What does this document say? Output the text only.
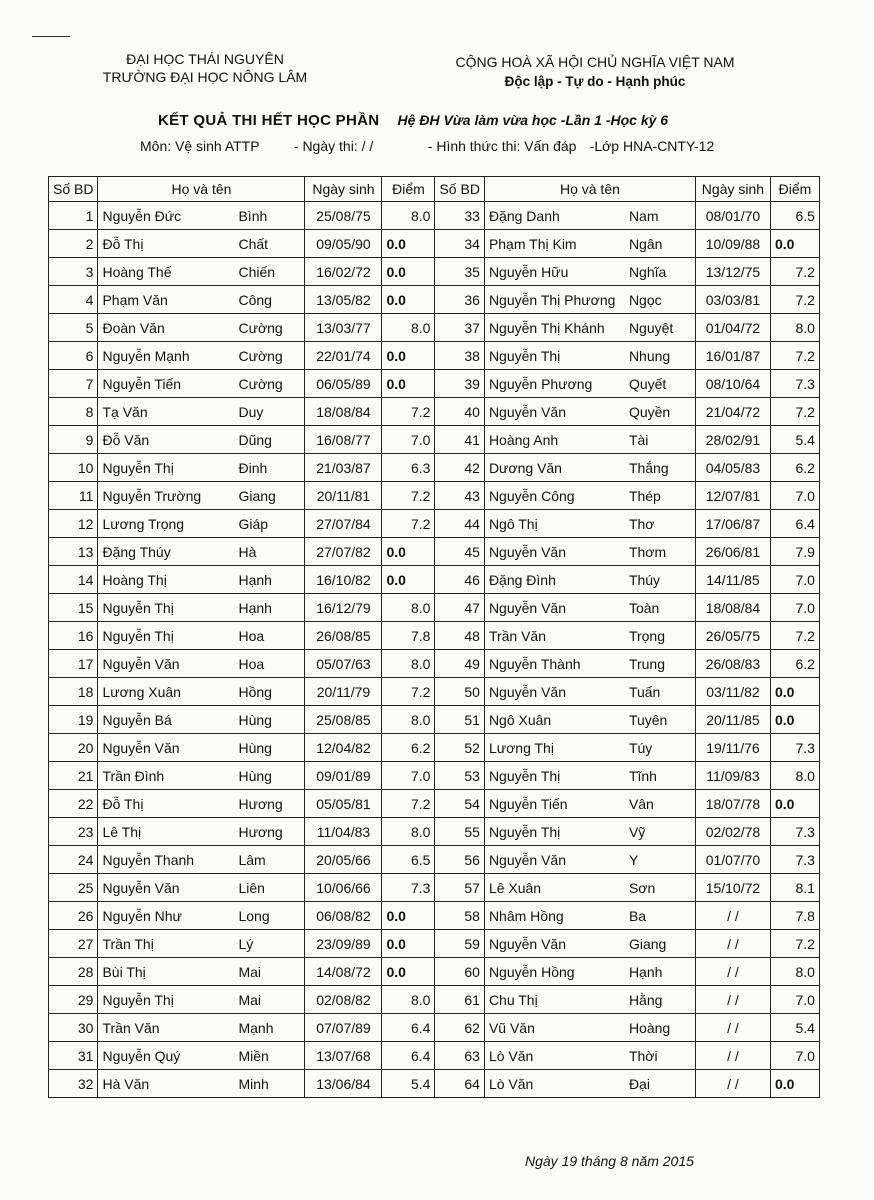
ĐẠI HỌC THÁI NGUYÊN
TRƯỜNG ĐẠI HỌC NÔNG LÂM
CỘNG HOÀ XÃ HỘI CHỦ NGHĨA VIỆT NAM
Độc lập - Tự do - Hạnh phúc
KẾT QUẢ THI HẾT HỌC PHẦN Hệ ĐH Vừa làm vừa học -Lần 1 -Học kỳ 6
Môn: Vệ sinh ATTP - Ngày thi: / /	- Hình thức thi: Vấn đáp -Lớp HNA-CNTY-12
Số BD	Họ và tên		Ngày sinh	Điểm	Số BD	Họ và tên		Ngày sinh	Điểm
1	Nguyễn Đức	Bình	25/08/75	8.0	33	Đặng Danh	Nam	08/01/70	6.5
2	Đỗ Thị	Chất	09/05/90	0.0	34	Phạm Thị Kim	Ngân	10/09/88	0.0
3	Hoàng Thế	Chiến	16/02/72	0.0	35	Nguyễn Hữu	Nghĩa	13/12/75	7.2
4	Phạm Văn	Công	13/05/82	0.0	36	Nguyễn Thị Phương	Ngọc	03/03/81	7.2
5	Đoàn Văn	Cường	13/03/77	8.0	37	Nguyễn Thị Khánh	Nguyệt	01/04/72	8.0
6	Nguyễn Mạnh	Cường	22/01/74	0.0	38	Nguyễn Thị	Nhung	16/01/87	7.2
7	Nguyễn Tiến	Cường	06/05/89	0.0	39	Nguyễn Phương	Quyết	08/10/64	7.3
8	Tạ Văn	Duy	18/08/84	7.2	40	Nguyễn Văn	Quyền	21/04/72	7.2
9	Đỗ Văn	Dũng	16/08/77	7.0	41	Hoàng Anh	Tài	28/02/91	5.4
10	Nguyễn Thị	Đinh	21/03/87	6.3	42	Dương Văn	Thắng	04/05/83	6.2
11	Nguyễn Trường	Giang	20/11/81	7.2	43	Nguyễn Công	Thép	12/07/81	7.0
12	Lương Trọng	Giáp	27/07/84	7.2	44	Ngô Thị	Thơ	17/06/87	6.4
13	Đặng Thúy	Hà	27/07/82	0.0	45	Nguyễn Văn	Thơm	26/06/81	7.9
14	Hoàng Thị	Hạnh	16/10/82	0.0	46	Đặng Đình	Thúy	14/11/85	7.0
15	Nguyễn Thị	Hạnh	16/12/79	8.0	47	Nguyễn Văn	Toàn	18/08/84	7.0
16	Nguyễn Thị	Hoa	26/08/85	7.8	48	Trần Văn	Trọng	26/05/75	7.2
17	Nguyễn Văn	Hoa	05/07/63	8.0	49	Nguyễn Thành	Trung	26/08/83	6.2
18	Lương Xuân	Hồng	20/11/79	7.2	50	Nguyễn Văn	Tuấn	03/11/82	0.0
19	Nguyễn Bá	Hùng	25/08/85	8.0	51	Ngô Xuân	Tuyên	20/11/85	0.0
20	Nguyễn Văn	Hùng	12/04/82	6.2	52	Lương Thị	Túy	19/11/76	7.3
21	Trần Đình	Hùng	09/01/89	7.0	53	Nguyễn Thị	Tĩnh	11/09/83	8.0
22	Đỗ Thị	Hương	05/05/81	7.2	54	Nguyễn Tiến	Vân	18/07/78	0.0
23	Lê Thị	Hương	11/04/83	8.0	55	Nguyễn Thị	Vỹ	02/02/78	7.3
24	Nguyễn Thanh	Lâm	20/05/66	6.5	56	Nguyễn Văn	Y	01/07/70	7.3
25	Nguyễn Văn	Liên	10/06/66	7.3	57	Lê Xuân	Sơn	15/10/72	8.1
26	Nguyễn Như	Long	06/08/82	0.0	58	Nhâm Hồng	Ba	/ /	7.8
27	Trần Thị	Lý	23/09/89	0.0	59	Nguyễn Văn	Giang	/ /	7.2
28	Bùi Thị	Mai	14/08/72	0.0	60	Nguyễn Hồng	Hạnh	/ /	8.0
29	Nguyễn Thị	Mai	02/08/82	8.0	61	Chu Thị	Hằng	/ /	7.0
30	Trần Văn	Mạnh	07/07/89	6.4	62	Vũ Văn	Hoàng	/ /	5.4
31	Nguyễn Quý	Miền	13/07/68	6.4	63	Lò Văn	Thời	/ /	7.0
32	Hà Văn	Minh	13/06/84	5.4	64	Lò Văn	Đại	/ /	0.0
Ngày 19 tháng 8 năm 2015
